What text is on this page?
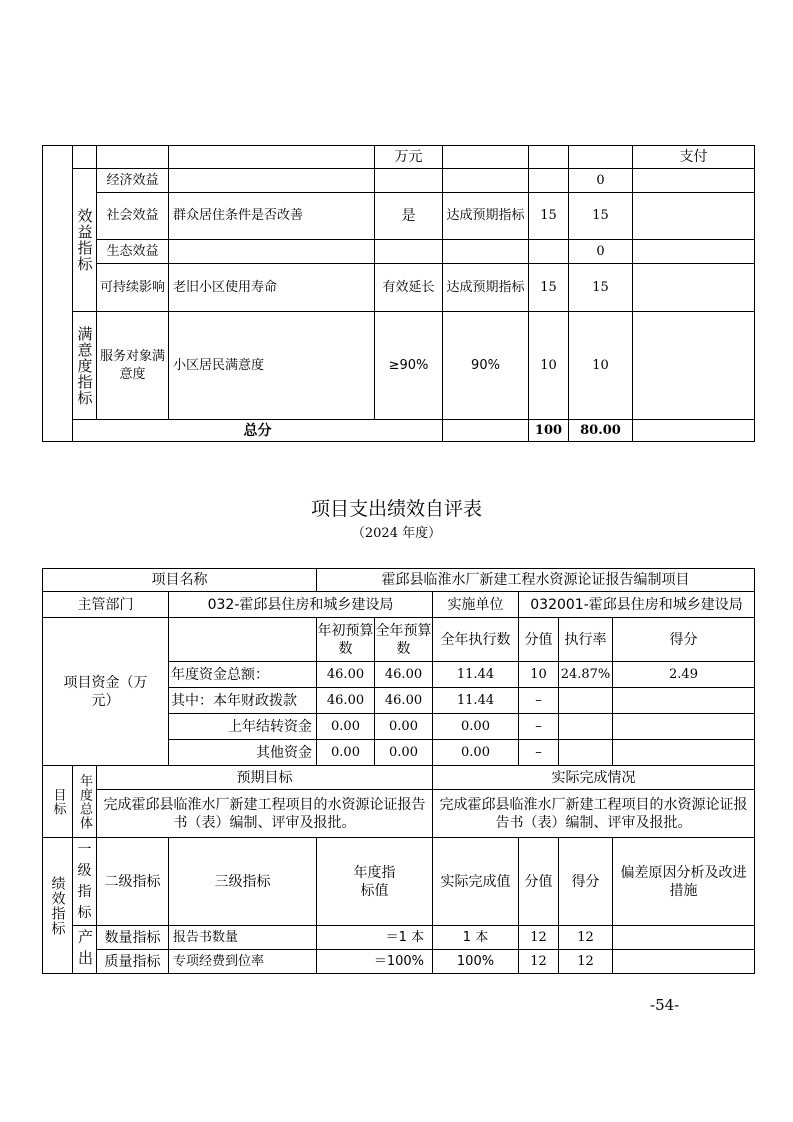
				万元				支付
	效益指标	经济效益					0	
		社会效益	群众居住条件是否改善	是	达成预期指标	15	15	
		生态效益					0	
		可持续影响	老旧小区使用寿命	有效延长	达成预期指标	15	15	
	满意度指标	服务对象满意度	小区居民满意度	≥90%	90%	10	10	
	总分					100	80.00	
项目支出绩效自评表
（2024 年度）
项目名称				霍邱县临淮水厂新建工程水资源论证报告编制项目					
主管部门			032-霍邱县住房和城乡建设局			实施单位	032001-霍邱县住房和城乡建设局		
项目资金（万元）				年初预算数	全年预算数	全年执行数	分值	执行率	得分
			年度资金总额：	46.00	46.00	11.44	10	24.87%	2.49
			其中：本年财政拨款	46.00	46.00	11.44	–		
			上年结转资金	0.00	0.00	0.00	–		
			其他资金	0.00	0.00	0.00	–		
目标	年度总体	预期目标				实际完成情况			
		完成霍邱县临淮水厂新建工程项目的水资源论证报告书（表）编制、评审及报批。				完成霍邱县临淮水厂新建工程项目的水资源论证报告书（表）编制、评审及报批。			
绩效指标	一级指标	二级指标	三级指标	年度指标值		实际完成值	分值	得分	偏差原因分析及改进措施
	产出	数量指标	报告书数量	＝1 本		1 本	12	12	
		质量指标	专项经费到位率	＝100%		100%	12	12	
-54-
